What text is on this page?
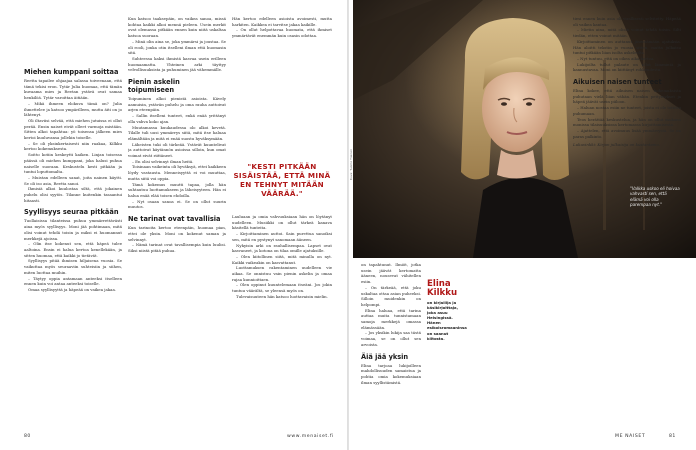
Miehen kumppani soittaa

Reetta tapailee ohjaajaa salassa toiveenaan, että tämä tekisi eron. Tytär Julia huomaa, että tämän kuvaama mies ja Reetan ystävä ovat samaa henkilöä. Tytär varoittaa äitiään.

– Mikä ihmeen elokuva tämä on? Julia ihmettelee ja katsoo ympärilleen, mutta äiti on jo lähtenyt.

Oli iltaviisi selvää, että miehen jutuissa ei ollut perää. Ensin naiset eivät olleet varmoja mistään. Sitten alkoi tapahtua: yö toisensa jälkeen mies kertoi kuuluvansa jollekin toiselle.

– Se oli yksinkertaisesti niin raakaa, Kilkku kertoo kokemuksesta.

Soitto kotiin keskeytti kaiken. Linjan toisessa päässä oli miehen kumppani, joka halusi puhua naiselle suoraan. Keskustelu kesti pitkään ja tuntui loputtomalta.

– Muistan edelleen sanat, joita nainen käytti. Se oli iso asia, Reetta sanoi.

Ihmisiä alkoi kuulostaa siltä, että jokainen puhelu olisi syytös. Tilanne kuitenkin tasaantui hitaasti.

Syyllisyys seuraa pitkään

Tuollaisissa tilanteissa puhuu ymmärrettävästi aina myös syyllisyys. Moni jää pohtimaan, mitä olisi voinut tehdä toisin ja miksi ei huomannut merkkejä ajoissa.

– Olin itse kokenut sen, että häpeä tulee aaltoina. Ensin ei halua kertoa kenellekään, ja sitten huomaa, että kaikki jo tietävät.

Syyllisyys pitää ihmisen hiljaisena vuosia. Se vaikuttaa myös seuraaviin suhteisiin ja siihen, miten luottaa muihin.

– Täytyy oppia antamaan anteeksi itselleen ennen kuin voi antaa anteeksi toiselle.

Omaa syyllisyyttä ja häpeää on vaikea jakaa.

Kun katsoo taaksepäin, on vaikea sanoa, missä kohtaa kaikki alkoi mennä pieleen. Usein merkit ovat olemassa pitkään ennen kuin niitä uskaltaa katsoa suoraan.

– Minä olin aina se, joka ymmärsi ja joustaa. Se oli rooli, jonka otin itselleni ilman että huomasin sitä.

Suhteessa kaksi ihmistä kasvaa usein erilleen huomaamatta. Yhteinen arki täyttyy velvollisuuksista ja puhuminen jää vähemmälle.

Pienin askelin toipumiseen

Toipuminen alkoi pienistä asioista. Kävely aamuisin, ystävän puhelu ja oma rauha auttoivat arjen eteenpäin.

– Sallin itselleni tunteet, enkä enää yrittänyt olla vahva koko ajan.

Muutamassa kuukaudessa olo alkoi kevetä. Tilalle tuli uusi ymmärrys siitä, mitä itse haluaa elämältään ja mitä ei enää suostu hyväksymään.

Läheisten tuki oli tärkeää. Ystävät kuuntelivat ja auttoivat käytännön asioissa silloin, kun omat voimat eivät riittäneet.

– En olisi selvinnyt ilman heitä.

Toisinaan vaikeinta oli hyväksyä, ettei kaikkeen löydy vastausta. Menneisyyttä ei voi muuttaa, mutta siitä voi oppia.

Tämä kokemus muutti tapaa, jolla hän suhtautuu luottamukseen ja läheisyyteen. Hän ei halua enää elää toisen ehdoilla.

– Nyt osaan sanoa ei. Se on ollut suurin muutos.

Ne tarinat ovat tavallisia

Kun tarinoita kertoo eteenpäin, huomaa pian, ettei ole yksin. Moni on kokenut saman ja selvinnyt.

– Nämä tarinat ovat tavallisempia kuin luulisi. Siksi niistä pitää puhua.

Hän kertoo edelleen asioista avoimesti, mutta harkiten. Kaikkea ei tarvitse jakaa kaikille.

– On ollut helpottavaa huomata, että ihmiset ymmärtävät enemmän kuin osasin odottaa.

"KESTI PITKÄÄN SISÄISTÄÄ, ETTÄ MINÄ EN TEHNYT MITÄÄN VÄÄRÄÄ."

Lauluaan ja omia vahvuuksiaan hän on löytänyt uudelleen. Musiikki on ollut tärkeä kanava käsitellä tunteita.

– Kirjoittaminen auttoi. Sain purettua sanoiksi sen, mitä en pystynyt sanomaan ääneen.

Nykyisin arki on rauhallisempaa. Lapset ovat kasvaneet, ja kotona on tilaa omille ajatuksille.

– Olen kiitollinen siitä, mitä minulla on nyt. Kaikki vaikeakin on kasvattanut.

Luottamuksen rakentaminen uudelleen vie aikaa. Se onnistuu vain pienin askelin ja omaa rajaa kunnioittaen.

– Olen oppinut kuuntelemaan itseäni. Jos jokin tuntuu väärältä, se yleensä myös on.

Tulevaisuuteen hän katsoo luottavaisin mielin.

80	www.menaiset.fi
Kuva: Tuomo Tiainen
"Valkka uskoo eli hoivaa vahvasti sen, että elämä voi olla parempaa nyt."

on tapahtunut. Ilmiöt, jotka usein jäävät kertomatta ääneen, nousevat vähitellen esiin.

– On tärkeää, että joku uskaltaa ottaa asian puheeksi. Silloin muidenkin on helpompi.

Elina haluaa, että tarina auttaa muita tunnistamaan samoja merkkejä omassa elämässään.

– Jos yksikin lukija saa tästä voimaa, se on ollut sen arvoista.

Äiä jää yksin

Elina tarjoaa lukijoilleen mahdollisuuden samaistua ja pohtia omia kokemuksiaan ilman syyllistämistä.

Elina Kilkku
on kirjailija ja käsikirjoittaja, joka asuu Helsingissä. Hänen esikoisromaaninsa on saanut kiitosta.

tiesi ennen kuin asia oli virallisesti selvitetty. Häpeää oli vaikea kantaa.

– Mietin aina, mitä olisin voinut tehdä toisin. Silti tiedän, etten voinut mitään.

Kirjoittaminen on auttanut jäsentämään ajatuksia. Hän aloitti tekstin jo vuosia sitten, mutta julkaisu tuntui pitkään liian isolta askeleelta.

– Nyt tuntuu, että on oikea aika kertoa.

Lukijoilta tullut palaute on ollut lämmintä ja kannustavaa. Moni on kiittänyt rohkeudesta.

Aikuisen naisen tunteet

Elina kokee, että aikuisen naisen kokemuksista puhutaan vielä liian vähän. Etenkin pettymykset ja häpeä jäävät usein piiloon.

– Haluan nostaa esiin ne tunteet, joista ei ole totuttu puhumaan.

Teos herättää keskustelua, ja hän on ollut mukana monissa tilaisuuksissa kertomassa kirjoittamisesta.

– Ajattelen, että avoimuus lisää ymmärrystä. Se on paras palkinto.

Lukuvinkki: Kirjan julkaisija on kustantamo.

ME NAISET	81
